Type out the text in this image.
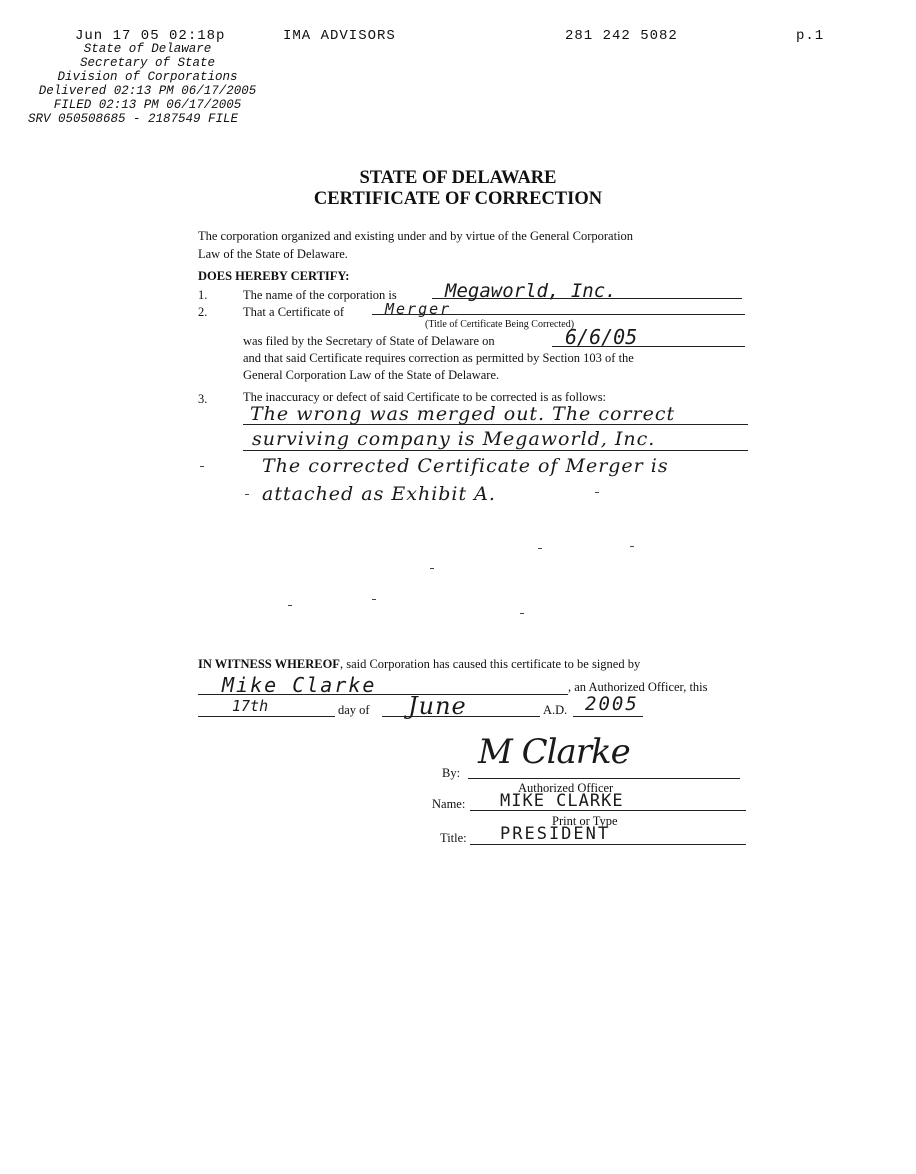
Jun 17 05 02:18p	IMA ADVISORS	281 242 5082	p.1
State of Delaware
Secretary of State
Division of Corporations
Delivered 02:13 PM 06/17/2005
FILED 02:13 PM 06/17/2005
SRV 050508685 - 2187549 FILE
STATE OF DELAWARE
CERTIFICATE OF CORRECTION
The corporation organized and existing under and by virtue of the General Corporation
Law of the State of Delaware.
DOES HEREBY CERTIFY:
1.	The name of the corporation is	Megaworld, Inc.
2.	That a Certificate of	Merger
(Title of Certificate Being Corrected)
was filed by the Secretary of State of Delaware on	6/6/05
and that said Certificate requires correction as permitted by Section 103 of the
General Corporation Law of the State of Delaware.
3.	The inaccuracy or defect of said Certificate to be corrected is as follows:
The wrong was merged out. The correct
surviving company is Megaworld, Inc.
The corrected Certificate of Merger is
attached as Exhibit A.
IN WITNESS WHEREOF, said Corporation has caused this certificate to be signed by
Mike Clarke	, an Authorized Officer, this
17th	day of June	A.D. 2005
By:
M Clarke
Authorized Officer
Name: MIKE CLARKE
Print or Type
Title: PRESIDENT
